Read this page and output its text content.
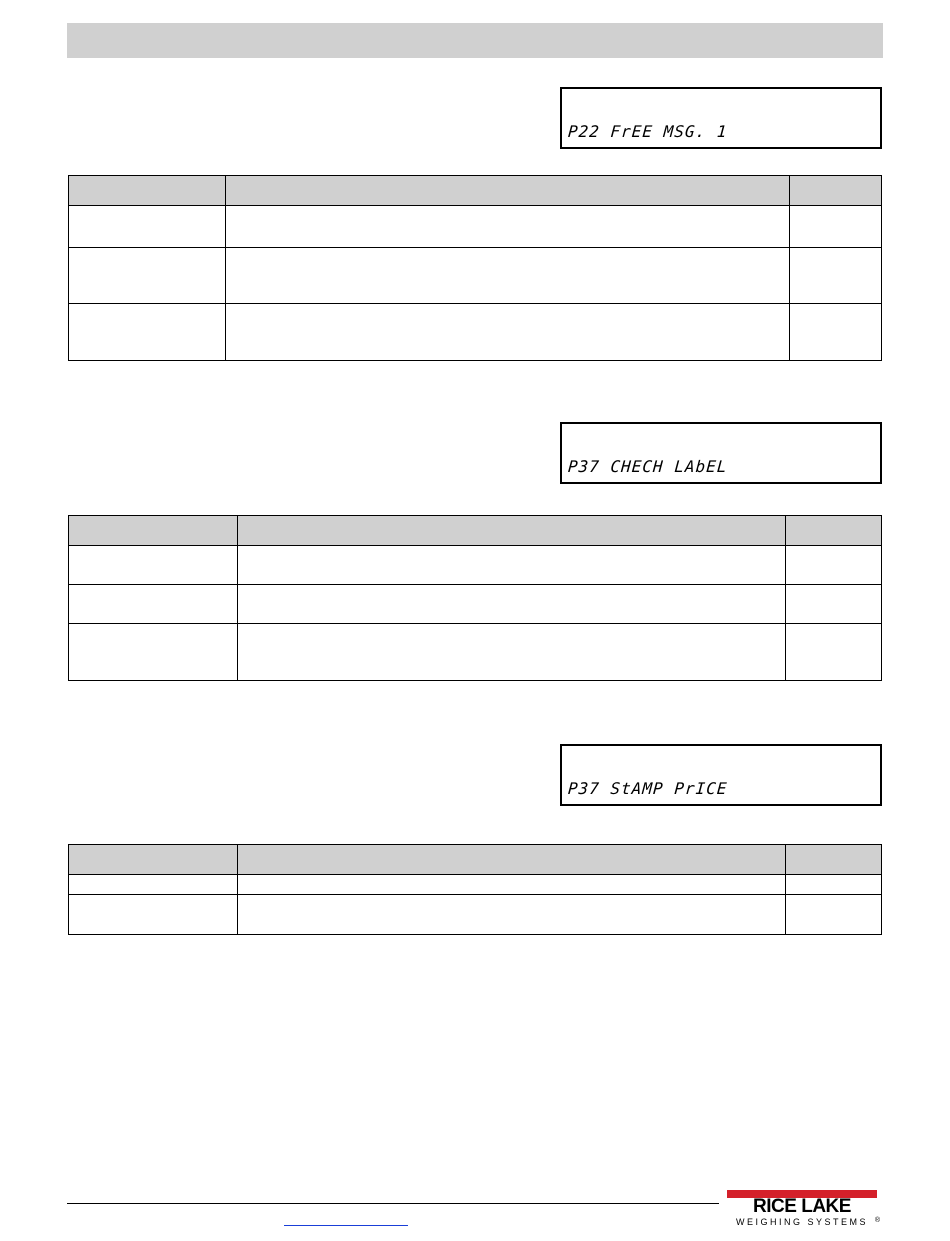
P22 FrEE MSG. 1

P37 CHECH LAbEL

P37 StAMP PrICE

RICE LAKE
WEIGHING SYSTEMS ®
